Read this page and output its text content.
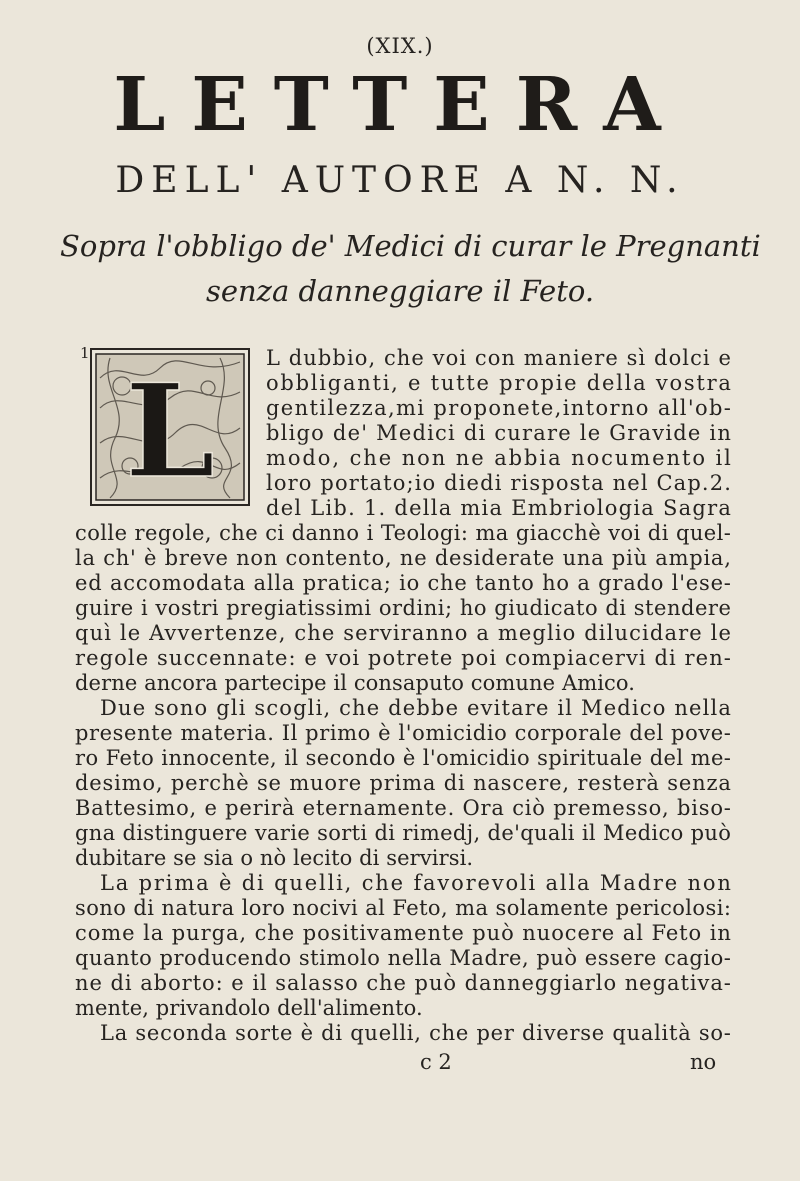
(XIX.)
LETTERA
DELL' AUTORE A N. N.
Sopra l'obbligo de' Medici di curar le Pregnanti
senza danneggiare il Feto.
1
L L dubbio, che voi con maniere sì dolci e
obbliganti, e tutte propie della vostra
gentilezza,mi proponete,intorno all'ob-
bligo de' Medici di curare le Gravide in
modo, che non ne abbia nocumento il
loro portato;io diedi risposta nel Cap.2.
del Lib. 1. della mia Embriologia Sagra
colle regole, che ci danno i Teologi: ma giacchè voi di quel-
la ch' è breve non contento, ne desiderate una più ampia,
ed accomodata alla pratica; io che tanto ho a grado l'ese-
guire i vostri pregiatissimi ordini; ho giudicato di stendere
quì le Avvertenze, che serviranno a meglio dilucidare le
regole succennate: e voi potrete poi compiacervi di ren-
derne ancora partecipe il consaputo comune Amico.
Due sono gli scogli, che debbe evitare il Medico nella
presente materia. Il primo è l'omicidio corporale del pove-
ro Feto innocente, il secondo è l'omicidio spirituale del me-
desimo, perchè se muore prima di nascere, resterà senza
Battesimo, e perirà eternamente. Ora ciò premesso, biso-
gna distinguere varie sorti di rimedj, de'quali il Medico può
dubitare se sia o nò lecito di servirsi.
La prima è di quelli, che favorevoli alla Madre non
sono di natura loro nocivi al Feto, ma solamente pericolosi:
come la purga, che positivamente può nuocere al Feto in
quanto producendo stimolo nella Madre, può essere cagio-
ne di aborto: e il salasso che può danneggiarlo negativa-
mente, privandolo dell'alimento.
La seconda sorte è di quelli, che per diverse qualità so-
c 2	no
